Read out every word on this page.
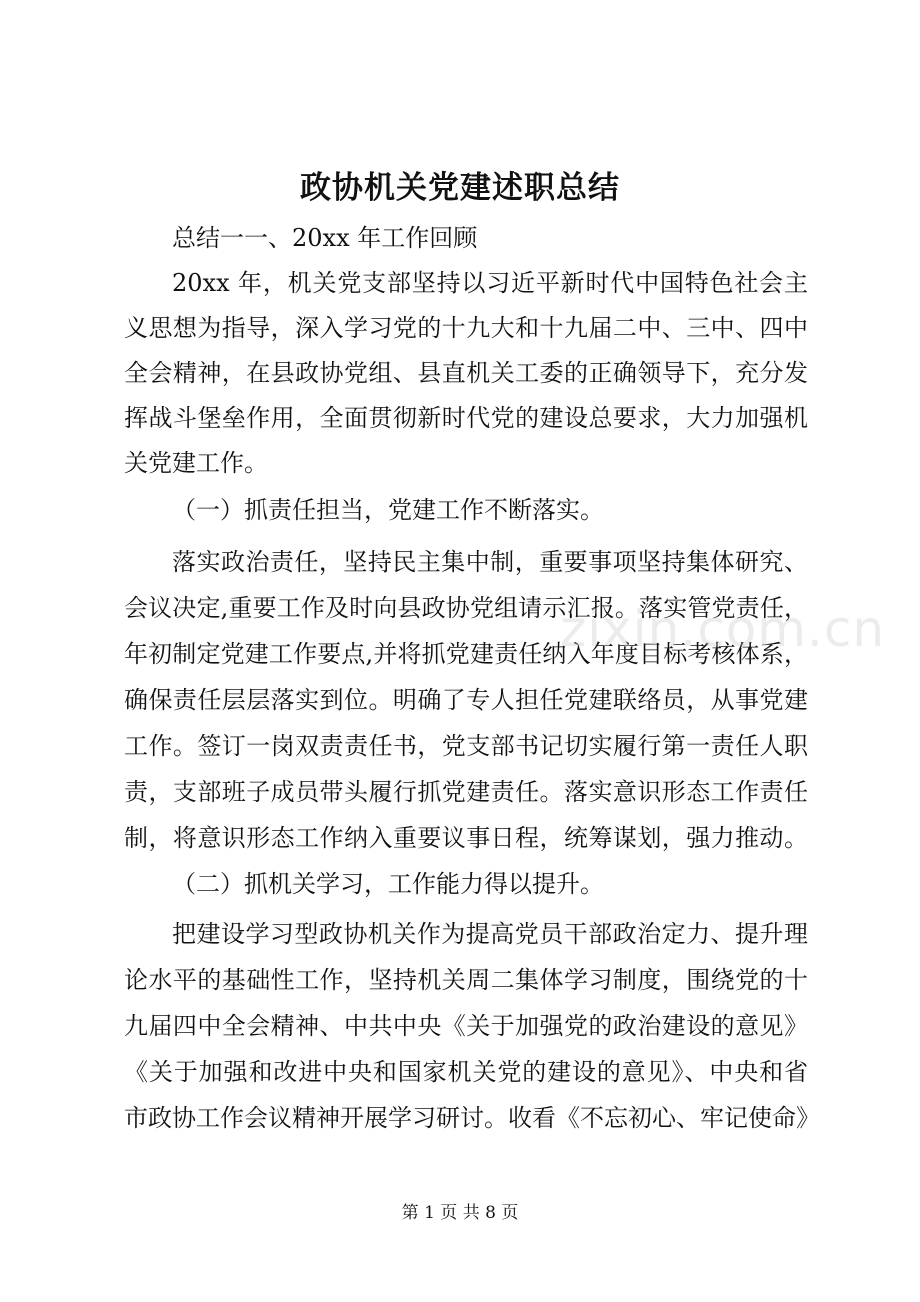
政协机关党建述职总结
总结一一、20xx 年工作回顾
20xx 年，机关党支部坚持以习近平新时代中国特色社会主
义思想为指导，深入学习党的十九大和十九届二中、三中、四中
全会精神，在县政协党组、县直机关工委的正确领导下，充分发
挥战斗堡垒作用，全面贯彻新时代党的建设总要求，大力加强机
关党建工作。
（一）抓责任担当，党建工作不断落实。
落实政治责任，坚持民主集中制，重要事项坚持集体研究、
会议决定,重要工作及时向县政协党组请示汇报。落实管党责任，
年初制定党建工作要点,并将抓党建责任纳入年度目标考核体系，
确保责任层层落实到位。明确了专人担任党建联络员，从事党建
工作。签订一岗双责责任书，党支部书记切实履行第一责任人职
责，支部班子成员带头履行抓党建责任。落实意识形态工作责任
制，将意识形态工作纳入重要议事日程，统筹谋划，强力推动。
（二）抓机关学习，工作能力得以提升。
把建设学习型政协机关作为提高党员干部政治定力、提升理
论水平的基础性工作，坚持机关周二集体学习制度，围绕党的十
九届四中全会精神、中共中央《关于加强党的政治建设的意见》
《关于加强和改进中央和国家机关党的建设的意见》、中央和省
市政协工作会议精神开展学习研讨。收看《不忘初心、牢记使命》
zixin.com.cn
第 1 页 共 8 页
